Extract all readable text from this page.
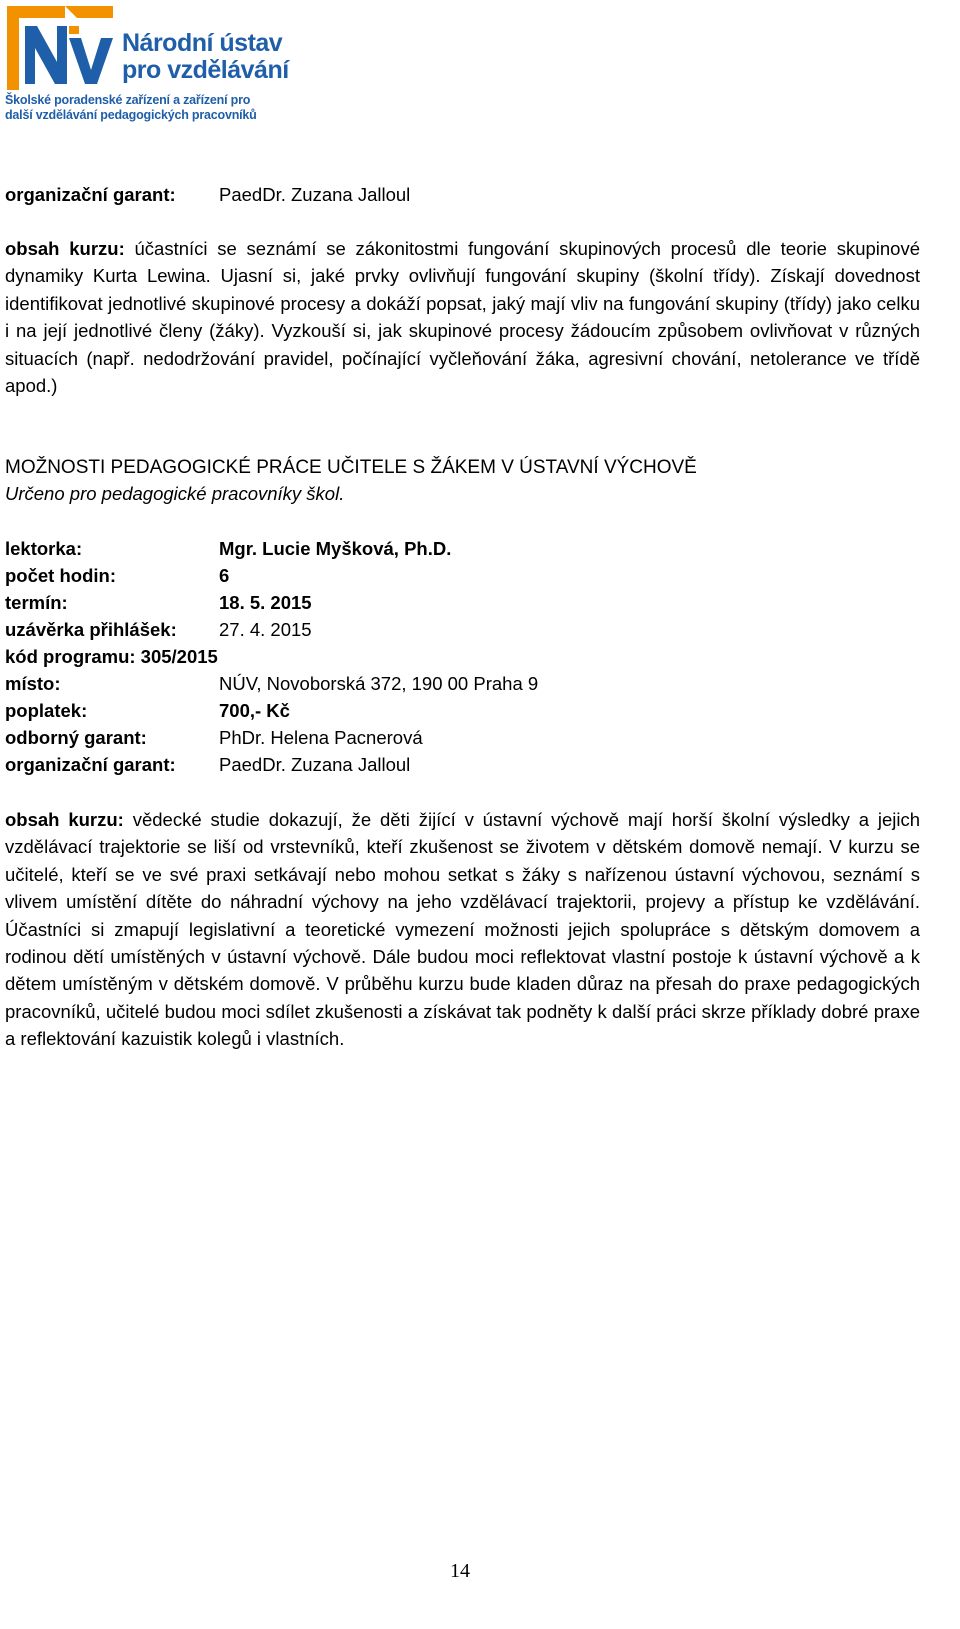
Národní ústav
pro vzdělávání
Školské poradenské zařízení a zařízení pro
další vzdělávání pedagogických pracovníků
organizační garant: PaedDr. Zuzana Jalloul
obsah kurzu: účastníci se seznámí se zákonitostmi fungování skupinových procesů dle teorie skupinové dynamiky Kurta Lewina. Ujasní si, jaké prvky ovlivňují fungování skupiny (školní třídy). Získají dovednost identifikovat jednotlivé skupinové procesy a dokáží popsat, jaký mají vliv na fungování skupiny (třídy) jako celku i na její jednotlivé členy (žáky). Vyzkouší si, jak skupinové procesy žádoucím způsobem ovlivňovat v různých situacích (např. nedodržování pravidel, počínající vyčleňování žáka, agresivní chování, netolerance ve třídě apod.)
MOŽNOSTI PEDAGOGICKÉ PRÁCE UČITELE S ŽÁKEM V ÚSTAVNÍ VÝCHOVĚ
Určeno pro pedagogické pracovníky škol.
lektorka:	Mgr. Lucie Myšková, Ph.D.
počet hodin:	6
termín:	18. 5. 2015
uzávěrka přihlášek: 27. 4. 2015
kód programu: 305/2015
místo:	NÚV, Novoborská 372, 190 00 Praha 9
poplatek:	700,- Kč
odborný garant:	PhDr. Helena Pacnerová
organizační garant: PaedDr. Zuzana Jalloul
obsah kurzu: vědecké studie dokazují, že děti žijící v ústavní výchově mají horší školní výsledky a jejich vzdělávací trajektorie se liší od vrstevníků, kteří zkušenost se životem v dětském domově nemají. V kurzu se učitelé, kteří se ve své praxi setkávají nebo mohou setkat s žáky s nařízenou ústavní výchovou, seznámí s vlivem umístění dítěte do náhradní výchovy na jeho vzdělávací trajektorii, projevy a přístup ke vzdělávání. Účastníci si zmapují legislativní a teoretické vymezení možnosti jejich spolupráce s dětským domovem a rodinou dětí umístěných v ústavní výchově. Dále budou moci reflektovat vlastní postoje k ústavní výchově a k dětem umístěným v dětském domově. V průběhu kurzu bude kladen důraz na přesah do praxe pedagogických pracovníků, učitelé budou moci sdílet zkušenosti a získávat tak podněty k další práci skrze příklady dobré praxe a reflektování kazuistik kolegů i vlastních.
14
